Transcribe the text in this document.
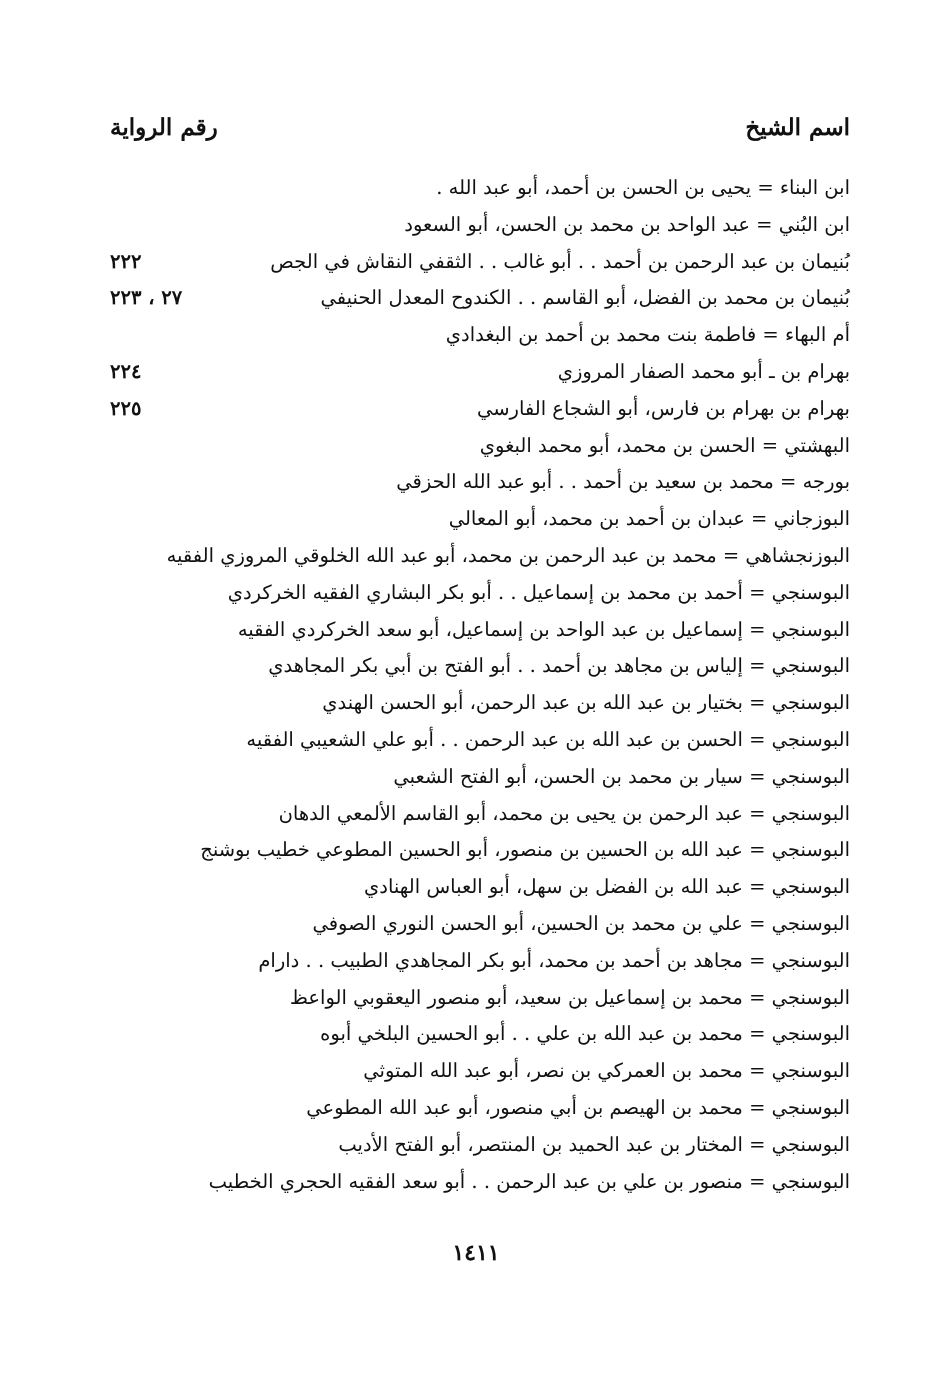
اسم الشيخ
رقم الرواية
ابن البناء = يحيى بن الحسن بن أحمد، أبو عبد الله .
ابن البُني = عبد الواحد بن محمد بن الحسن، أبو السعود
بُنيمان بن عبد الرحمن بن أحمد . . أبو غالب . . الثقفي النقاش في الجص
٢٢٢
بُنيمان بن محمد بن الفضل، أبو القاسم . . الكندوح المعدل الحنيفي
٢٧ ، ٢٢٣
أم البهاء = فاطمة بنت محمد بن أحمد بن البغدادي
بهرام بن ـ أبو محمد الصفار المروزي
٢٢٤
بهرام بن بهرام بن فارس، أبو الشجاع الفارسي
٢٢٥
البهشتي = الحسن بن محمد، أبو محمد البغوي
بورجه = محمد بن سعيد بن أحمد . . أبو عبد الله الحزقي
البوزجاني = عبدان بن أحمد بن محمد، أبو المعالي
البوزنجشاهي = محمد بن عبد الرحمن بن محمد، أبو عبد الله الخلوقي المروزي الفقيه
البوسنجي = أحمد بن محمد بن إسماعيل . . أبو بكر البشاري الفقيه الخركردي
البوسنجي = إسماعيل بن عبد الواحد بن إسماعيل، أبو سعد الخركردي الفقيه
البوسنجي = إلياس بن مجاهد بن أحمد . . أبو الفتح بن أبي بكر المجاهدي
البوسنجي = بختيار بن عبد الله بن عبد الرحمن، أبو الحسن الهندي
البوسنجي = الحسن بن عبد الله بن عبد الرحمن . . أبو علي الشعيبي الفقيه
البوسنجي = سيار بن محمد بن الحسن، أبو الفتح الشعبي
البوسنجي = عبد الرحمن بن يحيى بن محمد، أبو القاسم الألمعي الدهان
البوسنجي = عبد الله بن الحسين بن منصور، أبو الحسين المطوعي خطيب بوشنج
البوسنجي = عبد الله بن الفضل بن سهل، أبو العباس الهنادي
البوسنجي = علي بن محمد بن الحسين، أبو الحسن النوري الصوفي
البوسنجي = مجاهد بن أحمد بن محمد، أبو بكر المجاهدي الطبيب . . دارام
البوسنجي = محمد بن إسماعيل بن سعيد، أبو منصور اليعقوبي الواعظ
البوسنجي = محمد بن عبد الله بن علي . . أبو الحسين البلخي أبوه
البوسنجي = محمد بن العمركي بن نصر، أبو عبد الله المتوثي
البوسنجي = محمد بن الهيصم بن أبي منصور، أبو عبد الله المطوعي
البوسنجي = المختار بن عبد الحميد بن المنتصر، أبو الفتح الأديب
البوسنجي = منصور بن علي بن عبد الرحمن . . أبو سعد الفقيه الحجري الخطيب
١٤١١
